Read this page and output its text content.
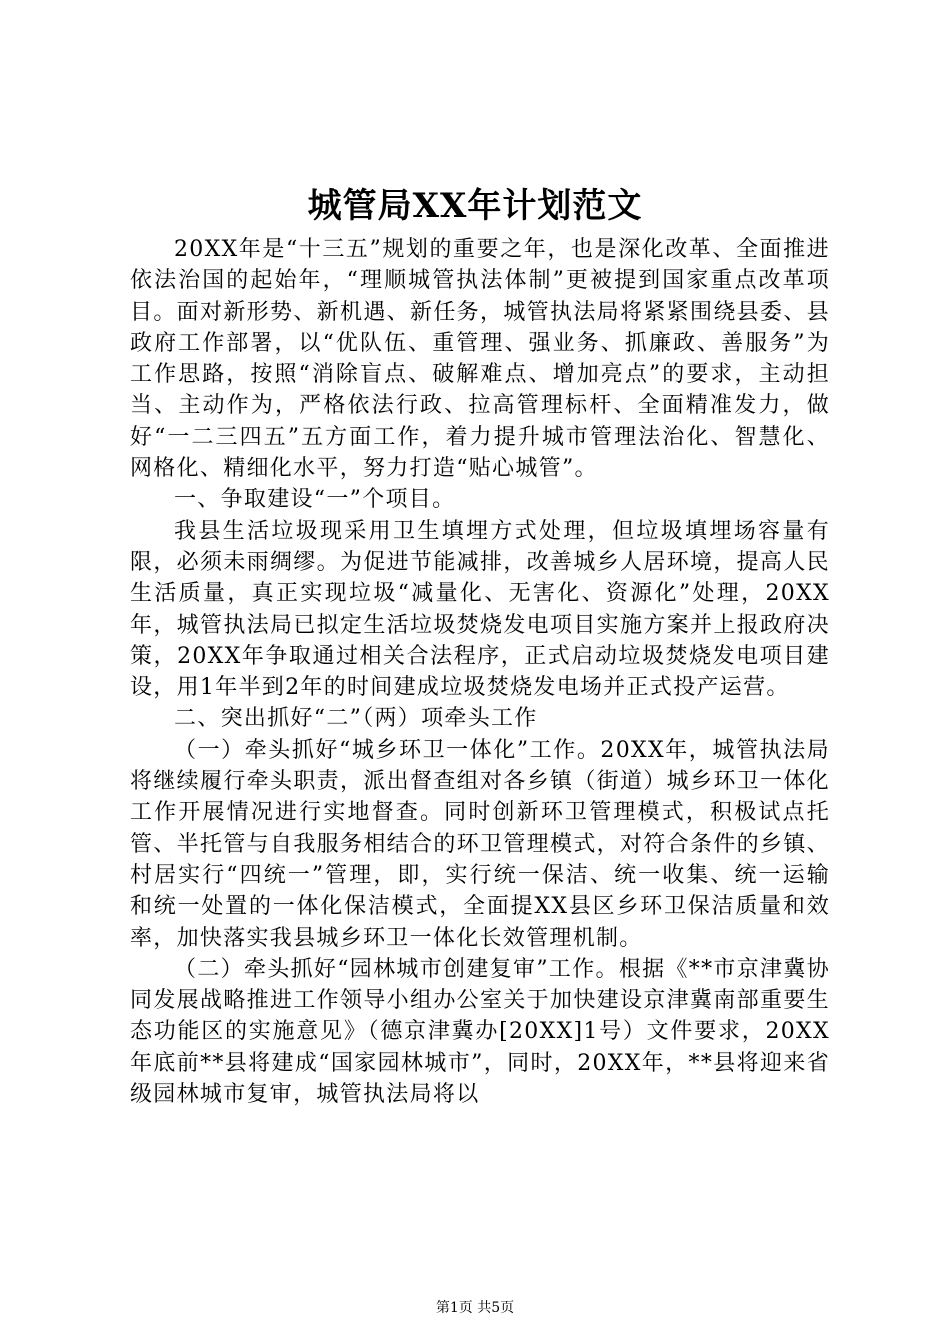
城管局XX年计划范文

20XX年是“十三五”规划的重要之年，也是深化改革、全面推进依法治国的起始年，“理顺城管执法体制”更被提到国家重点改革项目。面对新形势、新机遇、新任务，城管执法局将紧紧围绕县委、县政府工作部署，以“优队伍、重管理、强业务、抓廉政、善服务”为工作思路，按照“消除盲点、破解难点、增加亮点”的要求，主动担当、主动作为，严格依法行政、拉高管理标杆、全面精准发力，做好“一二三四五”五方面工作，着力提升城市管理法治化、智慧化、网格化、精细化水平，努力打造“贴心城管”。

一、争取建设“一”个项目。

我县生活垃圾现采用卫生填埋方式处理，但垃圾填埋场容量有限，必须未雨绸缪。为促进节能减排，改善城乡人居环境，提高人民生活质量，真正实现垃圾“减量化、无害化、资源化”处理，20XX年，城管执法局已拟定生活垃圾焚烧发电项目实施方案并上报政府决策，20XX年争取通过相关合法程序，正式启动垃圾焚烧发电项目建设，用1年半到2年的时间建成垃圾焚烧发电场并正式投产运营。

二、突出抓好“二”（两）项牵头工作

（一）牵头抓好“城乡环卫一体化”工作。20XX年，城管执法局将继续履行牵头职责，派出督查组对各乡镇（街道）城乡环卫一体化工作开展情况进行实地督查。同时创新环卫管理模式，积极试点托管、半托管与自我服务相结合的环卫管理模式，对符合条件的乡镇、村居实行“四统一”管理，即，实行统一保洁、统一收集、统一运输和统一处置的一体化保洁模式，全面提XX县区乡环卫保洁质量和效率，加快落实我县城乡环卫一体化长效管理机制。

（二）牵头抓好“园林城市创建复审”工作。根据《**市京津冀协同发展战略推进工作领导小组办公室关于加快建设京津冀南部重要生态功能区的实施意见》（德京津冀办[20XX]1号）文件要求，20XX年底前**县将建成“国家园林城市”，同时，20XX年，**县将迎来省级园林城市复审，城管执法局将以

第1页 共5页
